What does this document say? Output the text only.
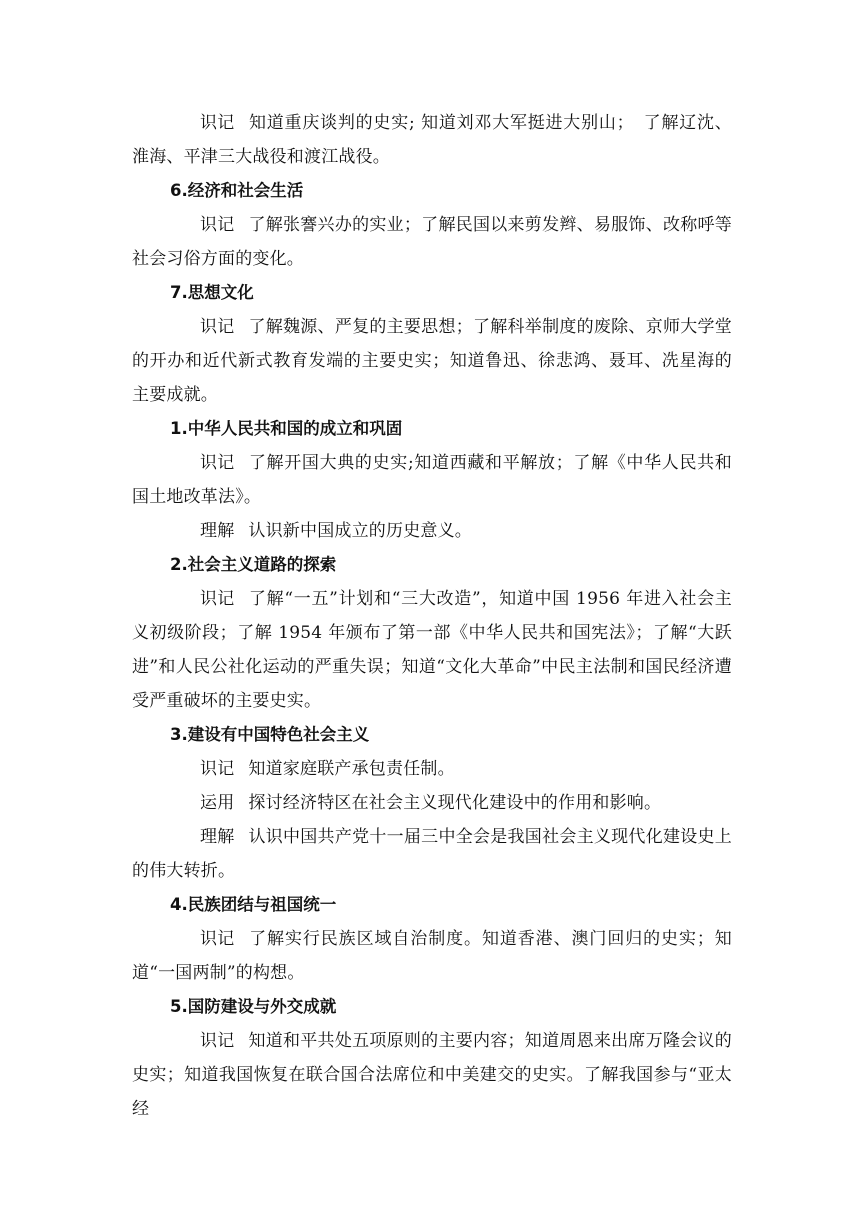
识记 知道重庆谈判的史实; 知道刘邓大军挺进大别山；　了解辽沈、淮海、平津三大战役和渡江战役。

6.经济和社会生活

识记 了解张謇兴办的实业；了解民国以来剪发辫、易服饰、改称呼等社会习俗方面的变化。

7.思想文化

识记 了解魏源、严复的主要思想；了解科举制度的废除、京师大学堂的开办和近代新式教育发端的主要史实；知道鲁迅、徐悲鸿、聂耳、冼星海的主要成就。

1.中华人民共和国的成立和巩固

识记 了解开国大典的史实;知道西藏和平解放；了解《中华人民共和国土地改革法》。

理解 认识新中国成立的历史意义。

2.社会主义道路的探索

识记 了解“一五”计划和“三大改造”，知道中国 1956 年进入社会主义初级阶段；了解 1954 年颁布了第一部《中华人民共和国宪法》；了解“大跃进”和人民公社化运动的严重失误；知道“文化大革命”中民主法制和国民经济遭受严重破坏的主要史实。

3.建设有中国特色社会主义

识记 知道家庭联产承包责任制。

运用 探讨经济特区在社会主义现代化建设中的作用和影响。

理解 认识中国共产党十一届三中全会是我国社会主义现代化建设史上的伟大转折。

4.民族团结与祖国统一

识记 了解实行民族区域自治制度。知道香港、澳门回归的史实；知道“一国两制”的构想。

5.国防建设与外交成就

识记 知道和平共处五项原则的主要内容；知道周恩来出席万隆会议的史实；知道我国恢复在联合国合法席位和中美建交的史实。了解我国参与“亚太经
